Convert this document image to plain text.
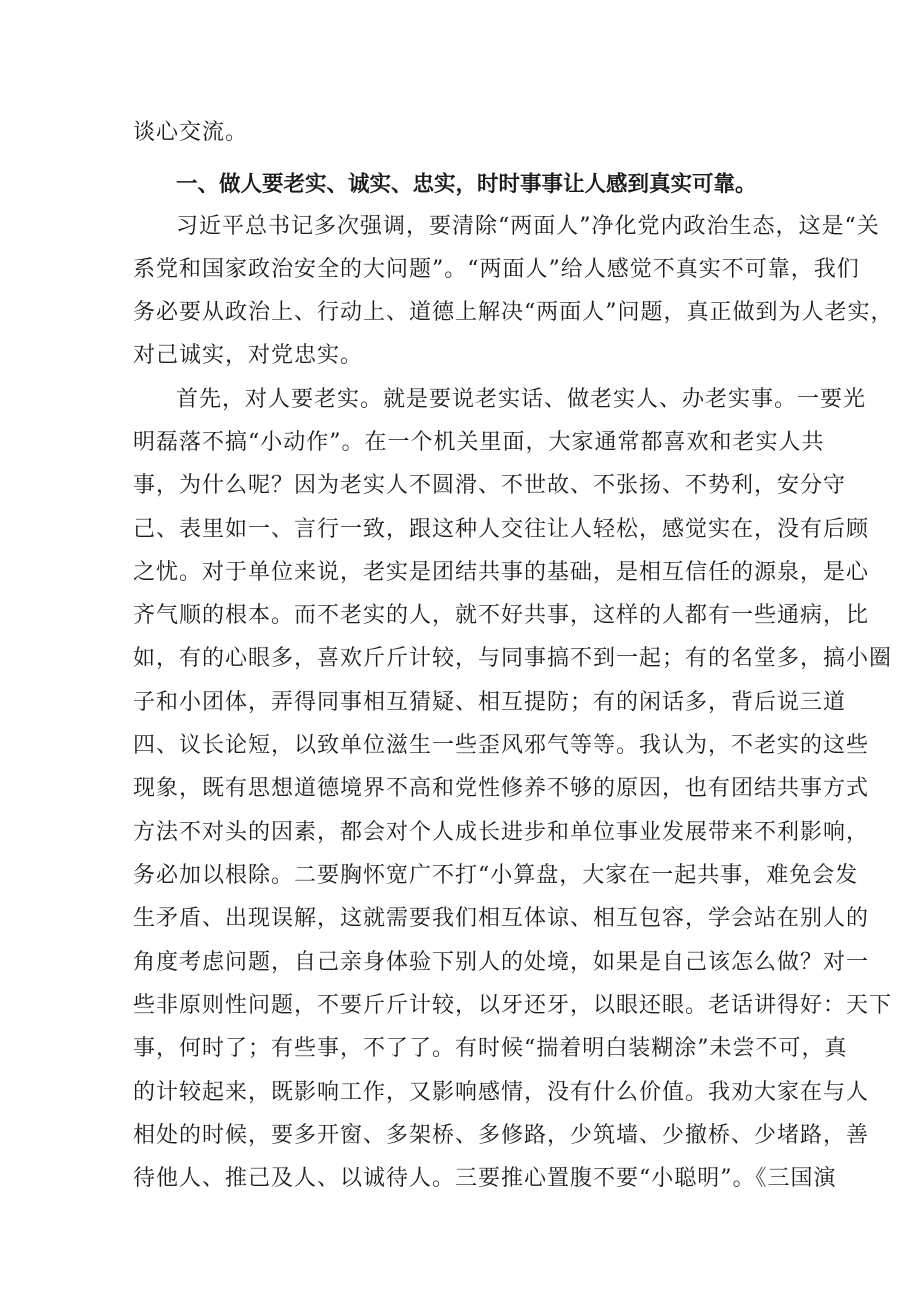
谈心交流。
一、做人要老实、诚实、忠实，时时事事让人感到真实可靠。
习近平总书记多次强调，要清除“两面人”净化党内政治生态，这是“关
系党和国家政治安全的大问题”。“两面人”给人感觉不真实不可靠，我们
务必要从政治上、行动上、道德上解决“两面人”问题，真正做到为人老实，
对己诚实，对党忠实。
首先，对人要老实。就是要说老实话、做老实人、办老实事。一要光
明磊落不搞“小动作”。在一个机关里面，大家通常都喜欢和老实人共
事，为什么呢？因为老实人不圆滑、不世故、不张扬、不势利，安分守
己、表里如一、言行一致，跟这种人交往让人轻松，感觉实在，没有后顾
之忧。对于单位来说，老实是团结共事的基础，是相互信任的源泉，是心
齐气顺的根本。而不老实的人，就不好共事，这样的人都有一些通病，比
如，有的心眼多，喜欢斤斤计较，与同事搞不到一起；有的名堂多，搞小圈
子和小团体，弄得同事相互猜疑、相互提防；有的闲话多，背后说三道
四、议长论短，以致单位滋生一些歪风邪气等等。我认为，不老实的这些
现象，既有思想道德境界不高和党性修养不够的原因，也有团结共事方式
方法不对头的因素，都会对个人成长进步和单位事业发展带来不利影响，
务必加以根除。二要胸怀宽广不打“小算盘，大家在一起共事，难免会发
生矛盾、出现误解，这就需要我们相互体谅、相互包容，学会站在别人的
角度考虑问题，自己亲身体验下别人的处境，如果是自己该怎么做？对一
些非原则性问题，不要斤斤计较，以牙还牙，以眼还眼。老话讲得好：天下
事，何时了；有些事，不了了。有时候“揣着明白装糊涂”未尝不可，真
的计较起来，既影响工作，又影响感情，没有什么价值。我劝大家在与人
相处的时候，要多开窗、多架桥、多修路，少筑墙、少撤桥、少堵路，善
待他人、推己及人、以诚待人。三要推心置腹不要“小聪明”。《三国演
